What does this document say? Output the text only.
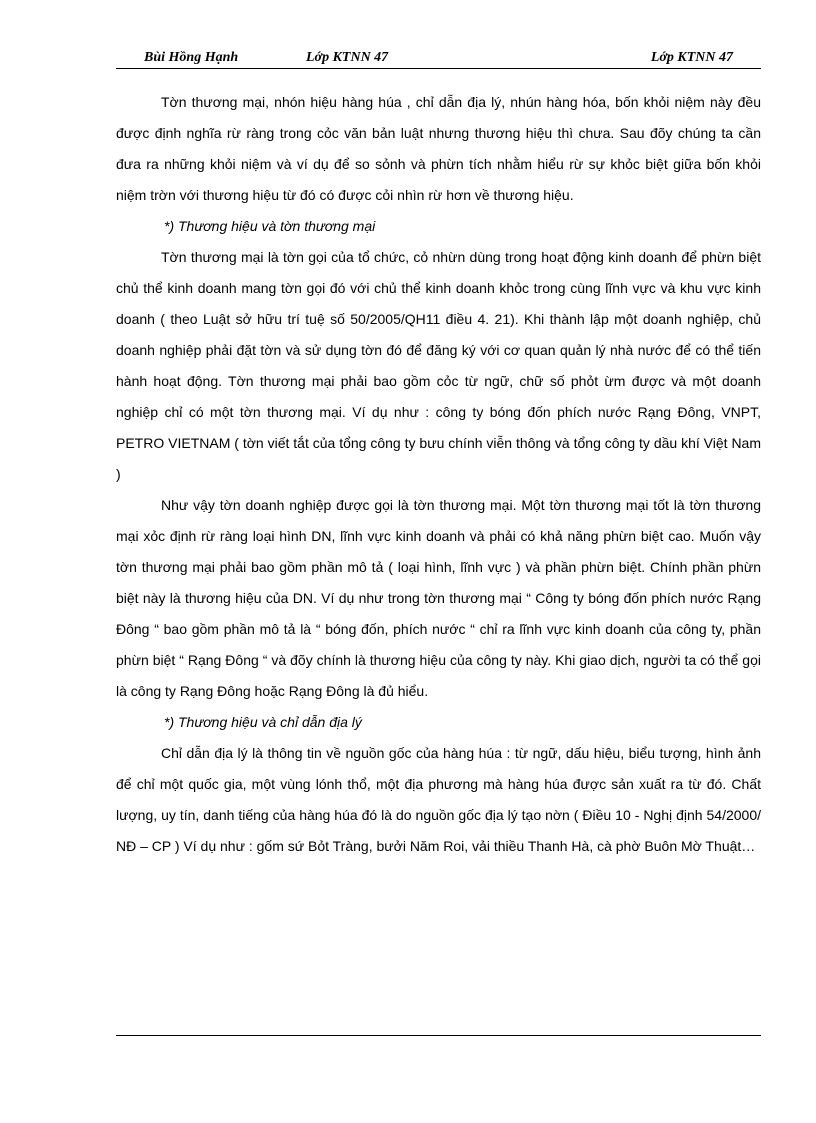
Bùi Hồng Hạnh	Lớp KTNN 47	Lớp KTNN 47

Tờn thương mại, nhón hiệu hàng húa , chỉ dẫn địa lý, nhún hàng hóa, bốn khỏi niệm này đều được định nghĩa rừ ràng trong cỏc văn bản luật nhưng thương hiệu thì chưa. Sau đõy chúng ta cần đưa ra những khỏi niệm và ví dụ để so sỏnh và phừn tích nhằm hiểu rừ sự khỏc biệt giữa bốn khỏi niệm trờn với thương hiệu từ đó có được cỏi nhìn rừ hơn về thương hiệu.

*) Thương hiệu và tờn thương mại

Tờn thương mại là tờn gọi của tổ chức, cỏ nhừn dùng trong hoạt động kinh doanh để phừn biệt chủ thể kinh doanh mang tờn gọi đó với chủ thể kinh doanh khỏc trong cùng lĩnh vực và khu vực kinh doanh ( theo Luật sở hữu trí tuệ số 50/2005/QH11 điều 4. 21). Khi thành lập một doanh nghiệp, chủ doanh nghiệp phải đặt tờn và sử dụng tờn đó để đăng ký với cơ quan quản lý nhà nước để có thể tiến hành hoạt động. Tờn thương mại phải bao gồm cỏc từ ngữ, chữ số phỏt ừm được và một doanh nghiệp chỉ có một tờn thương mại. Ví dụ như : công ty bóng đốn phích nước Rạng Đông, VNPT, PETRO VIETNAM ( tờn viết tắt của tổng công ty bưu chính viễn thông và tổng công ty dầu khí Việt Nam )

Như vậy tờn doanh nghiệp được gọi là tờn thương mại. Một tờn thương mại tốt là tờn thương mại xỏc định rừ ràng loại hình DN, lĩnh vực kinh doanh và phải có khả năng phừn biệt cao. Muốn vậy tờn thương mại phải bao gồm phần mô tả ( loại hình, lĩnh vực ) và phần phừn biệt. Chính phần phừn biệt này là thương hiệu của DN. Ví dụ như trong tờn thương mại “ Công ty bóng đốn phích nước Rạng Đông “ bao gồm phần mô tả là “ bóng đốn, phích nước “ chỉ ra lĩnh vực kinh doanh của công ty, phần phừn biệt “ Rạng Đông “ và đõy chính là thương hiệu của công ty này. Khi giao dịch, người ta có thể gọi là công ty Rạng Đông hoặc Rạng Đông là đủ hiểu.

*) Thương hiệu và chỉ dẫn địa lý

Chỉ dẫn địa lý là thông tin về nguồn gốc của hàng húa : từ ngữ, dấu hiệu, biểu tượng, hình ảnh để chỉ một quốc gia, một vùng lónh thổ, một địa phương mà hàng húa được sản xuất ra từ đó. Chất lượng, uy tín, danh tiếng của hàng húa đó là do nguồn gốc địa lý tạo nờn ( Điều 10 - Nghị định 54/2000/ NĐ – CP ) Ví dụ như : gốm sứ Bỏt Tràng, bưởi Năm Roi, vải thiều Thanh Hà, cà phờ Buôn Mờ Thuật…
